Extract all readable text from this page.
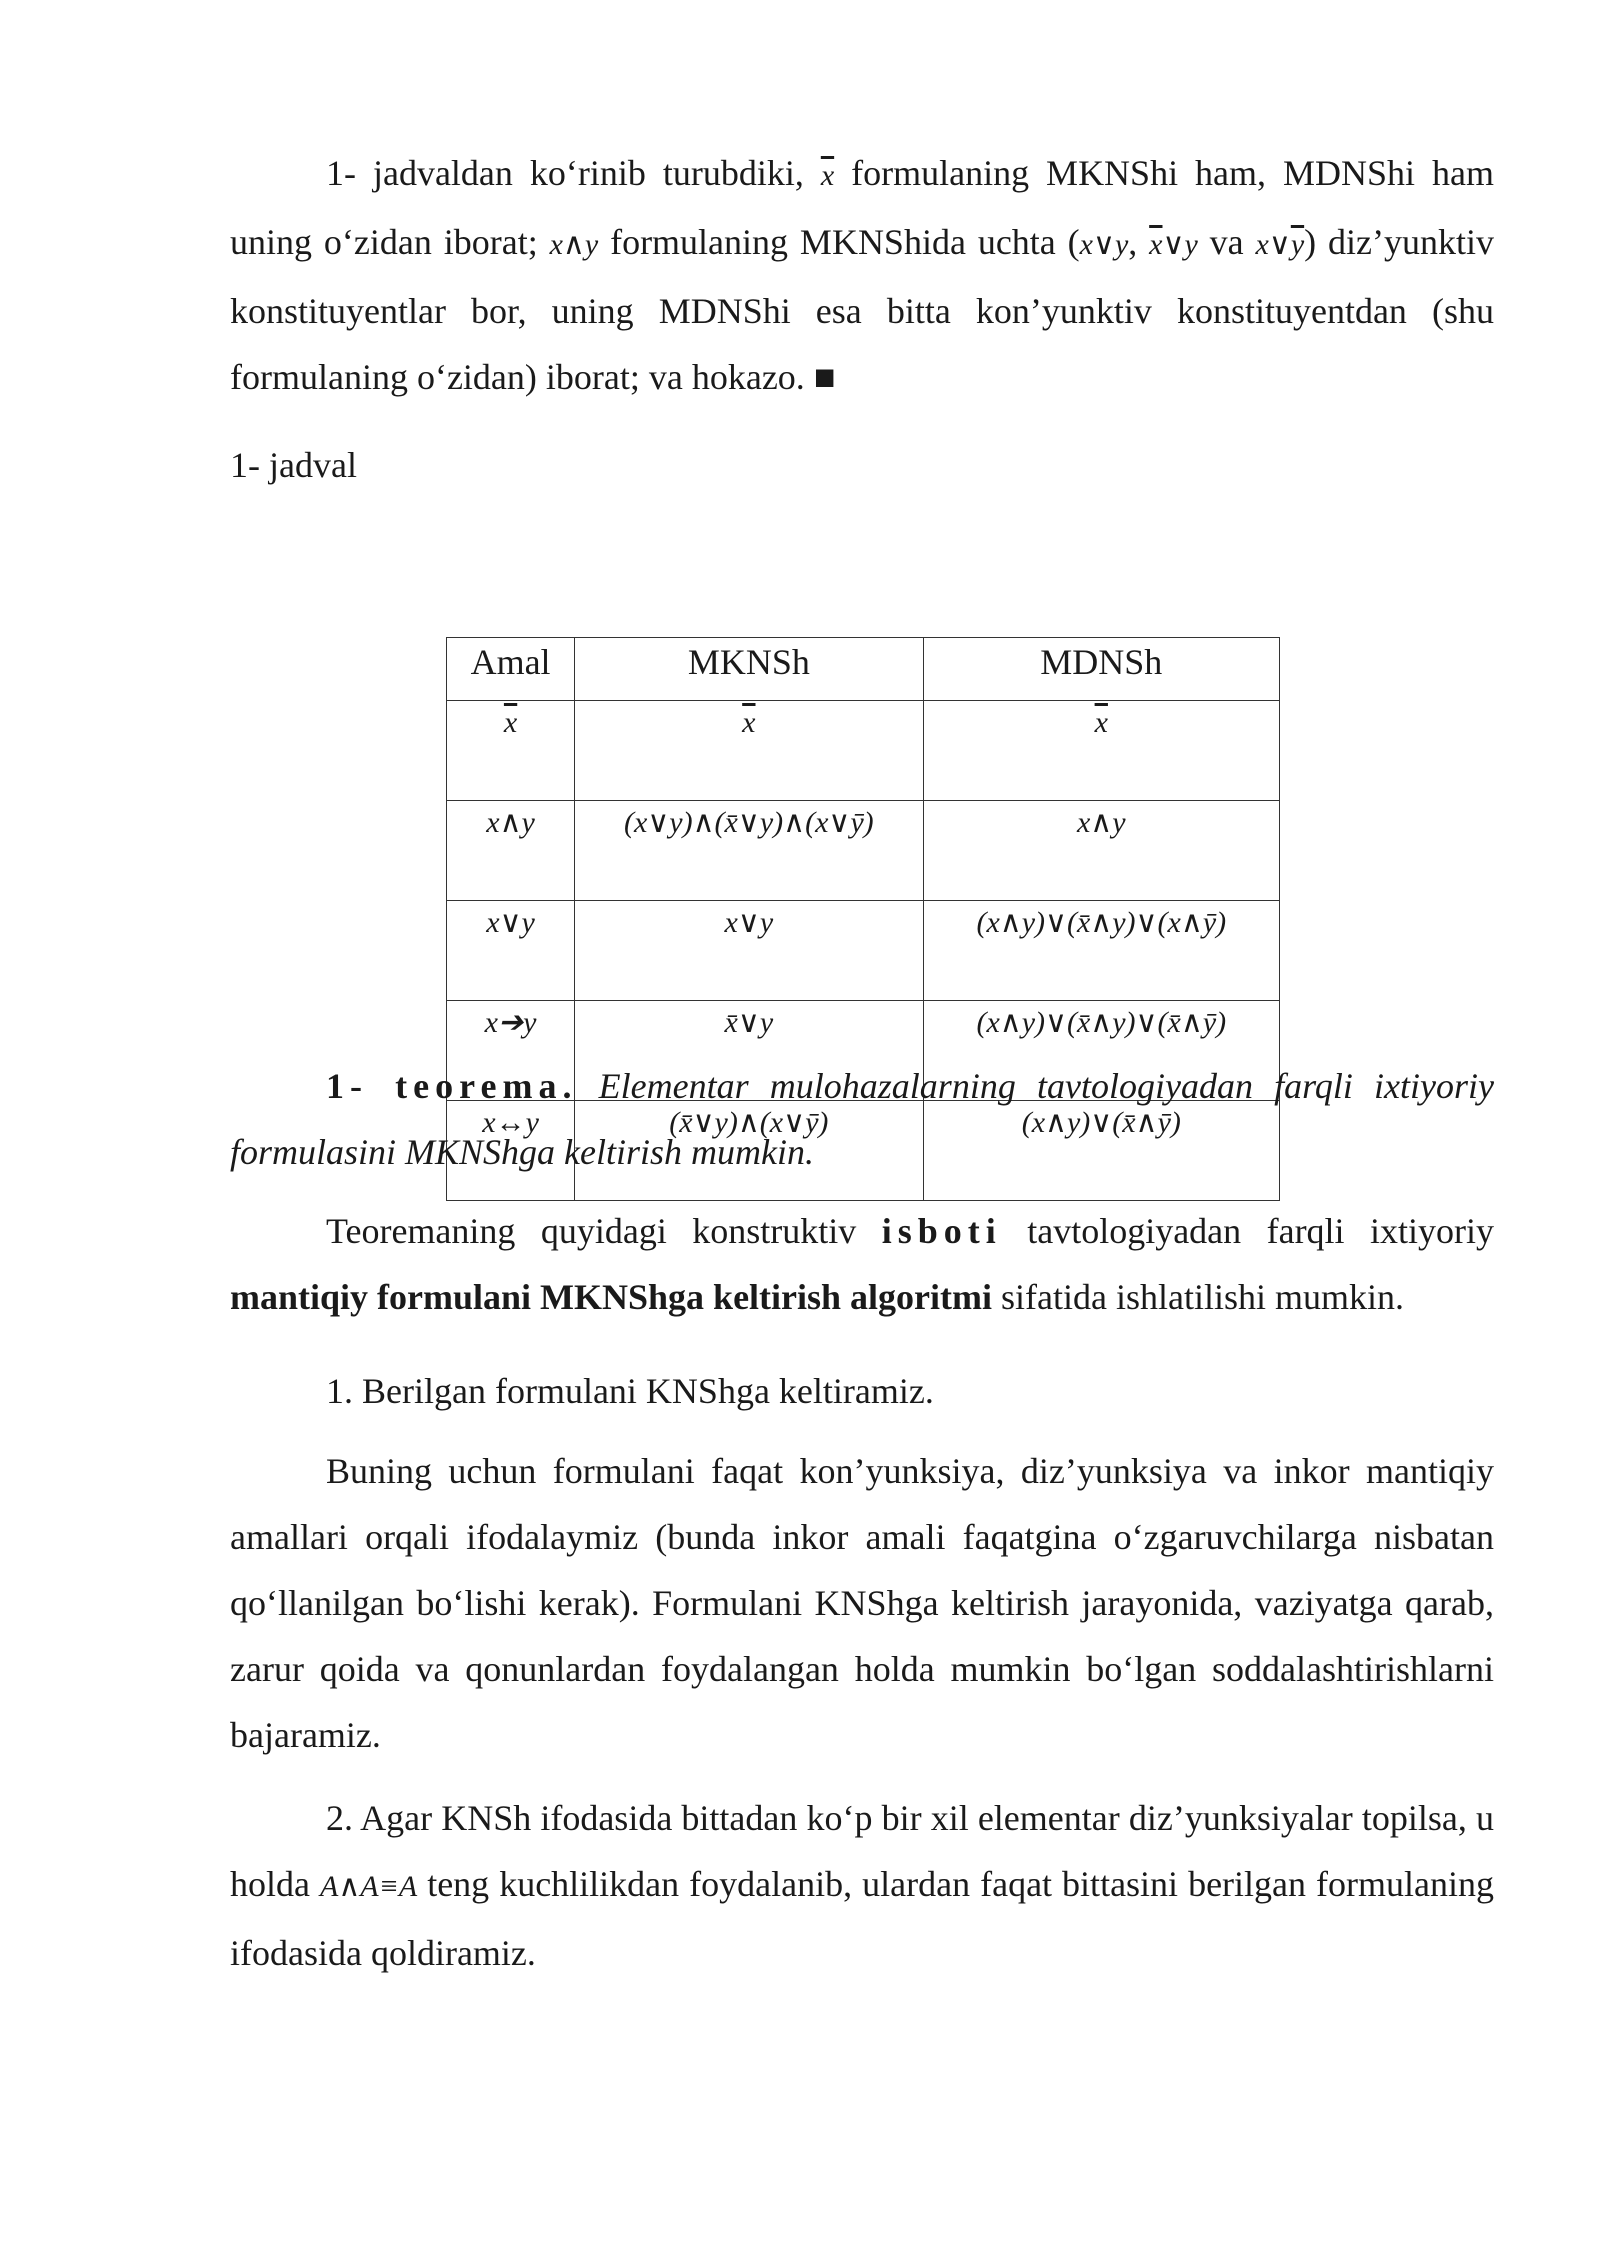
1- jadvaldan ko‘rinib turubdiki, $\overline{x}$ formulaning MKNShi ham, MDNShi ham uning o‘zidan iborat; x∧y formulaning MKNShida uchta (x∨y, $\overline{x}\vee y$ va $x\vee\overline{y}$) diz’yunktiv konstituyentlar bor, uning MDNShi esa bitta kon’yunktiv konstituyentdan (shu formulaning o‘zidan) iborat; va hokazo. ■

1- jadval

Amal	MKNSh	MDNSh
$\overline{x}$	$\overline{x}$	$\overline{x}$
x∧y	(x∨y)∧(x̄∨y)∧(x∨ȳ)	x∧y
x∨y	x∨y	(x∧y)∨(x̄∧y)∨(x∧ȳ)
x➔y	x̄∨y	(x∧y)∨(x̄∧y)∨(x̄∧ȳ)
x↔y	(x̄∨y)∧(x∨ȳ)	(x∧y)∨(x̄∧ȳ)

1- teorema. Elementar mulohazalarning tavtologiyadan farqli ixtiyoriy formulasini MKNShga keltirish mumkin.

Teoremaning quyidagi konstruktiv isboti tavtologiyadan farqli ixtiyoriy mantiqiy formulani MKNShga keltirish algoritmi sifatida ishlatilishi mumkin.

1. Berilgan formulani KNShga keltiramiz.

Buning uchun formulani faqat kon’yunksiya, diz’yunksiya va inkor mantiqiy amallari orqali ifodalaymiz (bunda inkor amali faqatgina o‘zgaruvchilarga nisbatan qo‘llanilgan bo‘lishi kerak). Formulani KNShga keltirish jarayonida, vaziyatga qarab, zarur qoida va qonunlardan foydalangan holda mumkin bo‘lgan soddalashtirishlarni bajaramiz.

2. Agar KNSh ifodasida bittadan ko‘p bir xil elementar diz’yunksiyalar topilsa, u holda A∧A≡A teng kuchlilikdan foydalanib, ulardan faqat bittasini berilgan formulaning ifodasida qoldiramiz.
